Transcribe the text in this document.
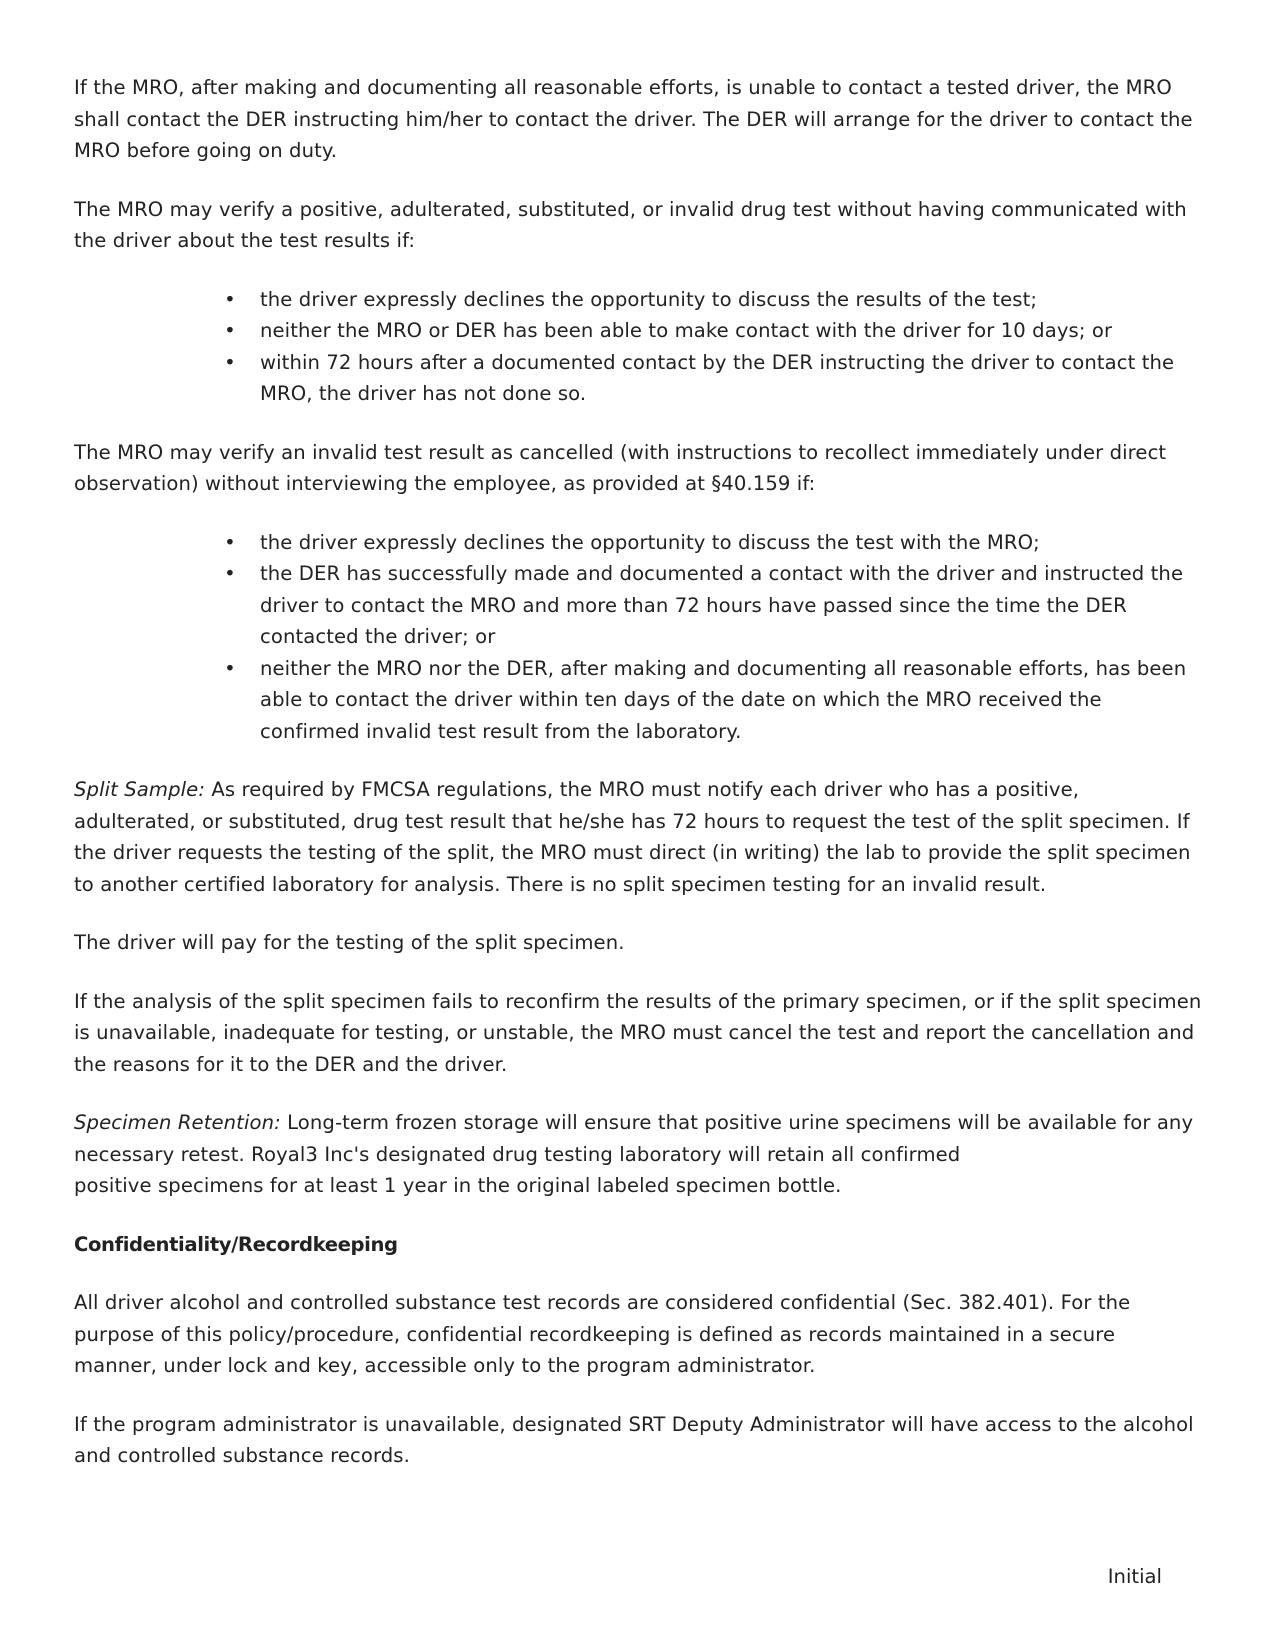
If the MRO, after making and documenting all reasonable efforts, is unable to contact a tested driver, the MRO shall contact the DER instructing him/her to contact the driver. The DER will arrange for the driver to contact the MRO before going on duty.

The MRO may verify a positive, adulterated, substituted, or invalid drug test without having communicated with the driver about the test results if:

• the driver expressly declines the opportunity to discuss the results of the test;
• neither the MRO or DER has been able to make contact with the driver for 10 days; or
• within 72 hours after a documented contact by the DER instructing the driver to contact the MRO, the driver has not done so.

The MRO may verify an invalid test result as cancelled (with instructions to recollect immediately under direct observation) without interviewing the employee, as provided at §40.159 if:

• the driver expressly declines the opportunity to discuss the test with the MRO;
• the DER has successfully made and documented a contact with the driver and instructed the driver to contact the MRO and more than 72 hours have passed since the time the DER contacted the driver; or
• neither the MRO nor the DER, after making and documenting all reasonable efforts, has been able to contact the driver within ten days of the date on which the MRO received the confirmed invalid test result from the laboratory.

Split Sample: As required by FMCSA regulations, the MRO must notify each driver who has a positive, adulterated, or substituted, drug test result that he/she has 72 hours to request the test of the split specimen. If the driver requests the testing of the split, the MRO must direct (in writing) the lab to provide the split specimen to another certified laboratory for analysis. There is no split specimen testing for an invalid result.

The driver will pay for the testing of the split specimen.

If the analysis of the split specimen fails to reconfirm the results of the primary specimen, or if the split specimen is unavailable, inadequate for testing, or unstable, the MRO must cancel the test and report the cancellation and the reasons for it to the DER and the driver.

Specimen Retention: Long-term frozen storage will ensure that positive urine specimens will be available for any necessary retest. Royal3 Inc's designated drug testing laboratory will retain all confirmed
positive specimens for at least 1 year in the original labeled specimen bottle.

Confidentiality/Recordkeeping

All driver alcohol and controlled substance test records are considered confidential (Sec. 382.401). For the purpose of this policy/procedure, confidential recordkeeping is defined as records maintained in a secure manner, under lock and key, accessible only to the program administrator.

If the program administrator is unavailable, designated SRT Deputy Administrator will have access to the alcohol and controlled substance records.

Initial
